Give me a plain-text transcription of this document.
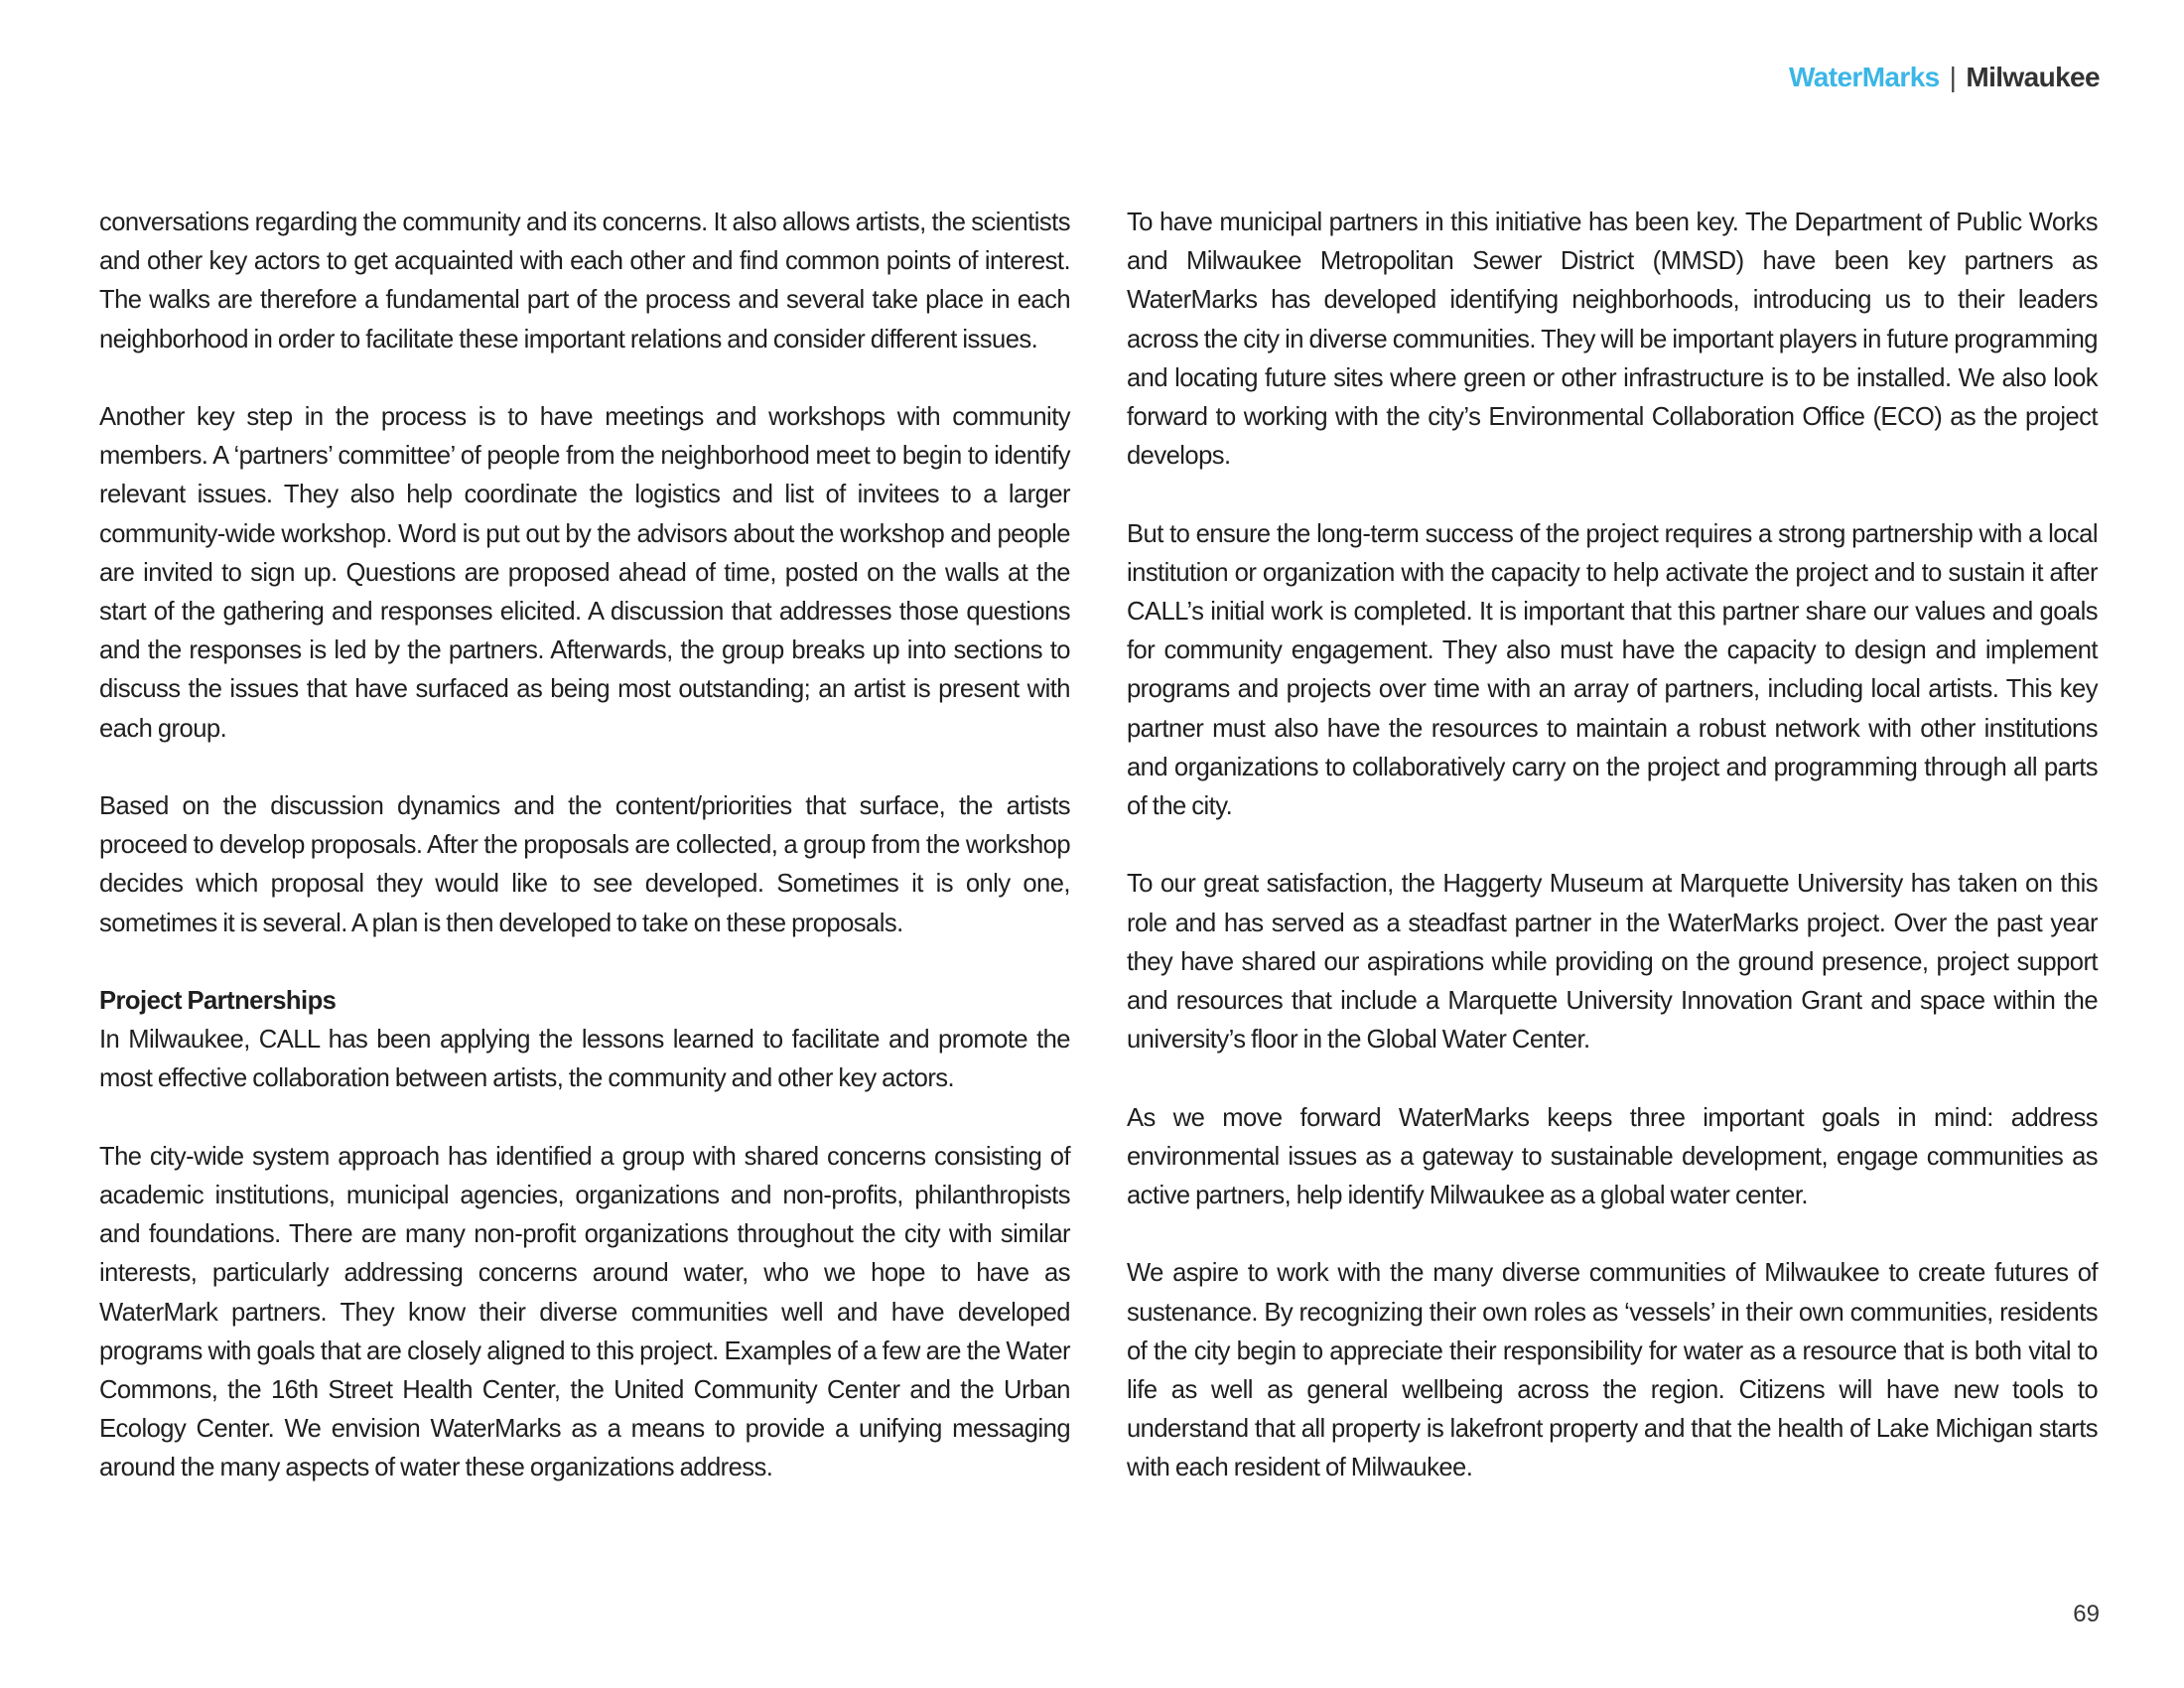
WaterMarks | Milwaukee

conversations regarding the community and its concerns. It also allows artists, the scientists and other key actors to get acquainted with each other and find common points of interest. The walks are therefore a fundamental part of the process and several take place in each neighborhood in order to facilitate these important relations and consider different issues.

Another key step in the process is to have meetings and workshops with community members. A ‘partners’ committee’ of people from the neighborhood meet to begin to identify relevant issues. They also help coordinate the logistics and list of invitees to a larger community-wide workshop. Word is put out by the advisors about the workshop and people are invited to sign up. Questions are proposed ahead of time, posted on the walls at the start of the gathering and responses elicited. A discussion that addresses those questions and the responses is led by the partners. Afterwards, the group breaks up into sections to discuss the issues that have surfaced as being most outstanding; an artist is present with each group.

Based on the discussion dynamics and the content/priorities that surface, the artists proceed to develop proposals. After the proposals are collected, a group from the workshop decides which proposal they would like to see developed. Sometimes it is only one, sometimes it is several. A plan is then developed to take on these proposals.

Project Partnerships

In Milwaukee, CALL has been applying the lessons learned to facilitate and promote the most effective collaboration between artists, the community and other key actors.

The city-wide system approach has identified a group with shared concerns consisting of academic institutions, municipal agencies, organizations and non-profits, philanthropists and foundations. There are many non-profit organizations throughout the city with similar interests, particularly addressing concerns around water, who we hope to have as WaterMark partners. They know their diverse communities well and have developed programs with goals that are closely aligned to this project. Examples of a few are the Water Commons, the 16th Street Health Center, the United Community Center and the Urban Ecology Center. We envision WaterMarks as a means to provide a unifying messaging around the many aspects of water these organizations address.

To have municipal partners in this initiative has been key. The Department of Public Works and Milwaukee Metropolitan Sewer District (MMSD) have been key partners as WaterMarks has developed identifying neighborhoods, introducing us to their leaders across the city in diverse communities. They will be important players in future programming and locating future sites where green or other infrastructure is to be installed. We also look forward to working with the city’s Environmental Collaboration Office (ECO) as the project develops.

But to ensure the long-term success of the project requires a strong partnership with a local institution or organization with the capacity to help activate the project and to sustain it after CALL’s initial work is completed. It is important that this partner share our values and goals for community engagement. They also must have the capacity to design and implement programs and projects over time with an array of partners, including local artists. This key partner must also have the resources to maintain a robust network with other institutions and organizations to collaboratively carry on the project and programming through all parts of the city.

To our great satisfaction, the Haggerty Museum at Marquette University has taken on this role and has served as a steadfast partner in the WaterMarks project. Over the past year they have shared our aspirations while providing on the ground presence, project support and resources that include a Marquette University Innovation Grant and space within the university’s floor in the Global Water Center.

As we move forward WaterMarks keeps three important goals in mind: address environmental issues as a gateway to sustainable development, engage communities as active partners, help identify Milwaukee as a global water center.

We aspire to work with the many diverse communities of Milwaukee to create futures of sustenance. By recognizing their own roles as ‘vessels’ in their own communities, residents of the city begin to appreciate their responsibility for water as a resource that is both vital to life as well as general wellbeing across the region. Citizens will have new tools to understand that all property is lakefront property and that the health of Lake Michigan starts with each resident of Milwaukee.

69
